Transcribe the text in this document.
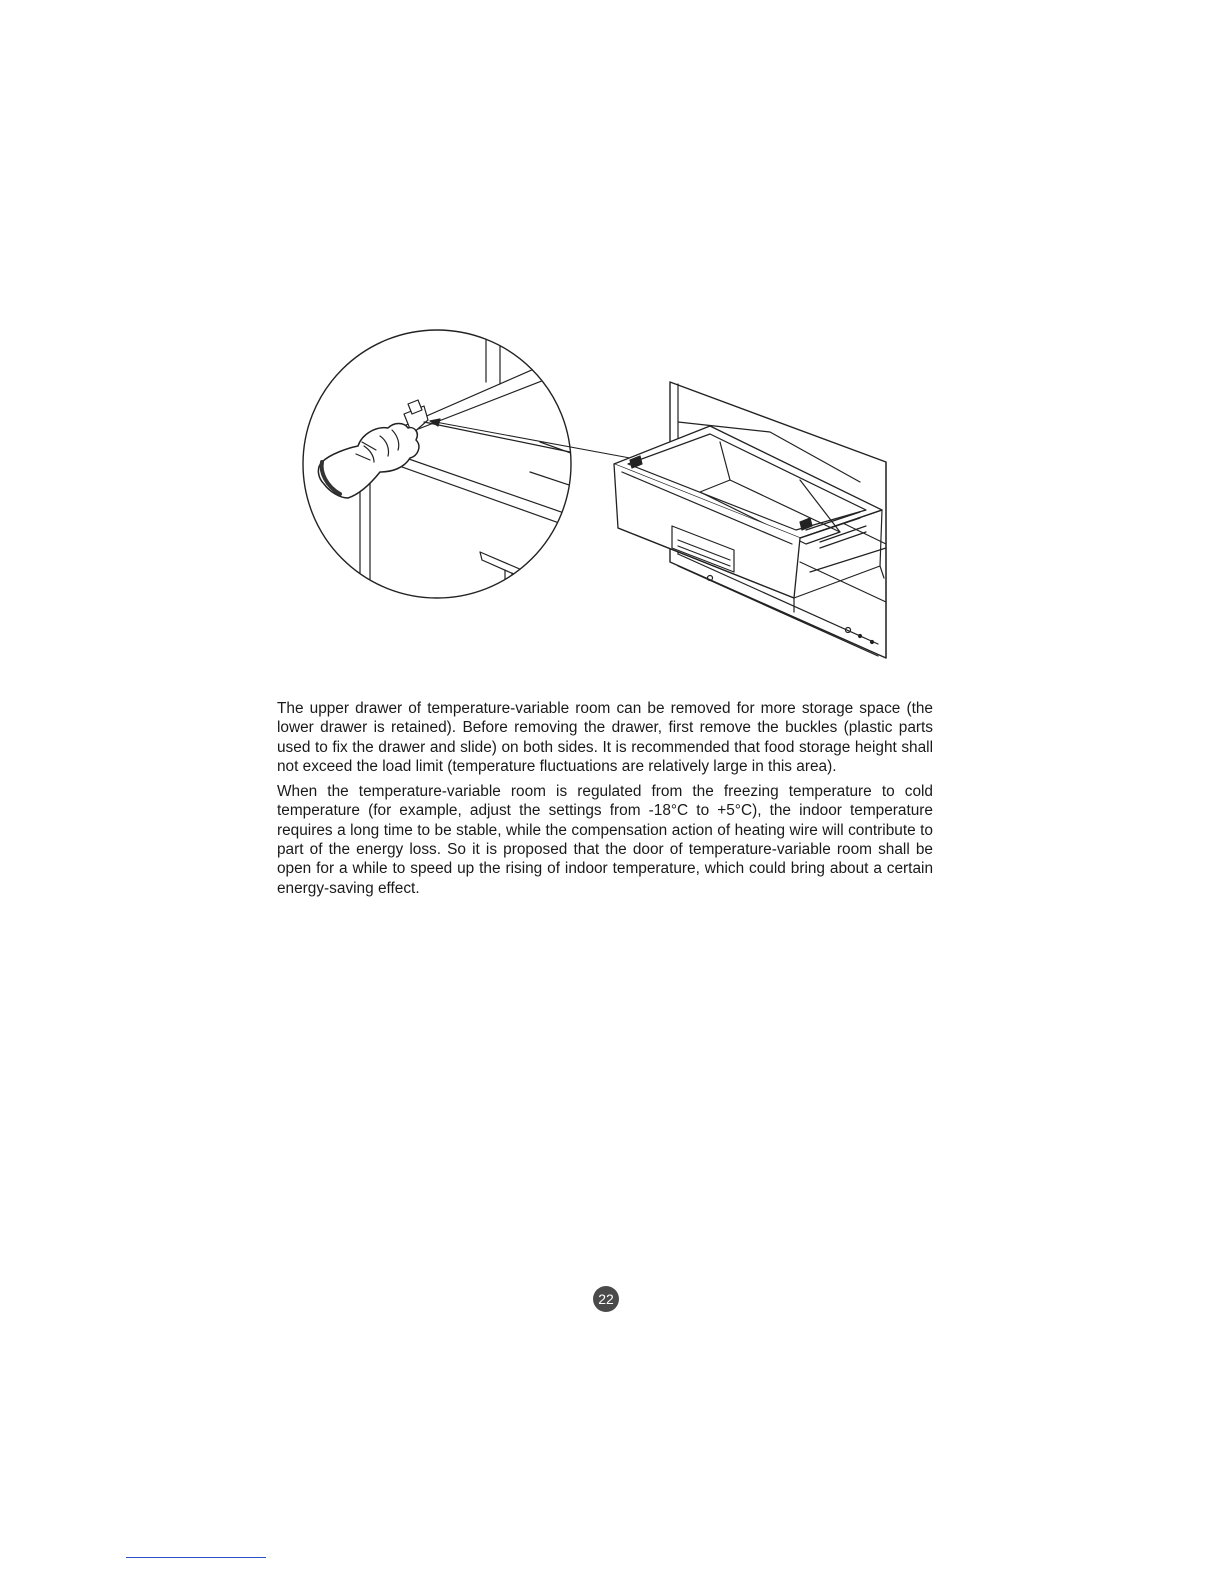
The upper drawer of temperature-variable room can be removed for more storage space (the lower drawer is retained). Before removing the drawer, first remove the buckles (plastic parts used to fix the drawer and slide) on both sides. It is recommended that food storage height shall not exceed the load limit (temperature fluctuations are relatively large in this area).

When the temperature-variable room is regulated from the freezing temperature to cold temperature (for example, adjust the settings from -18°C to +5°C), the indoor temperature requires a long time to be stable, while the compensation action of heating wire will contribute to part of the energy loss. So it is proposed that the door of temperature-variable room shall be open for a while to speed up the rising of indoor temperature, which could bring about a certain energy-saving effect.

22
